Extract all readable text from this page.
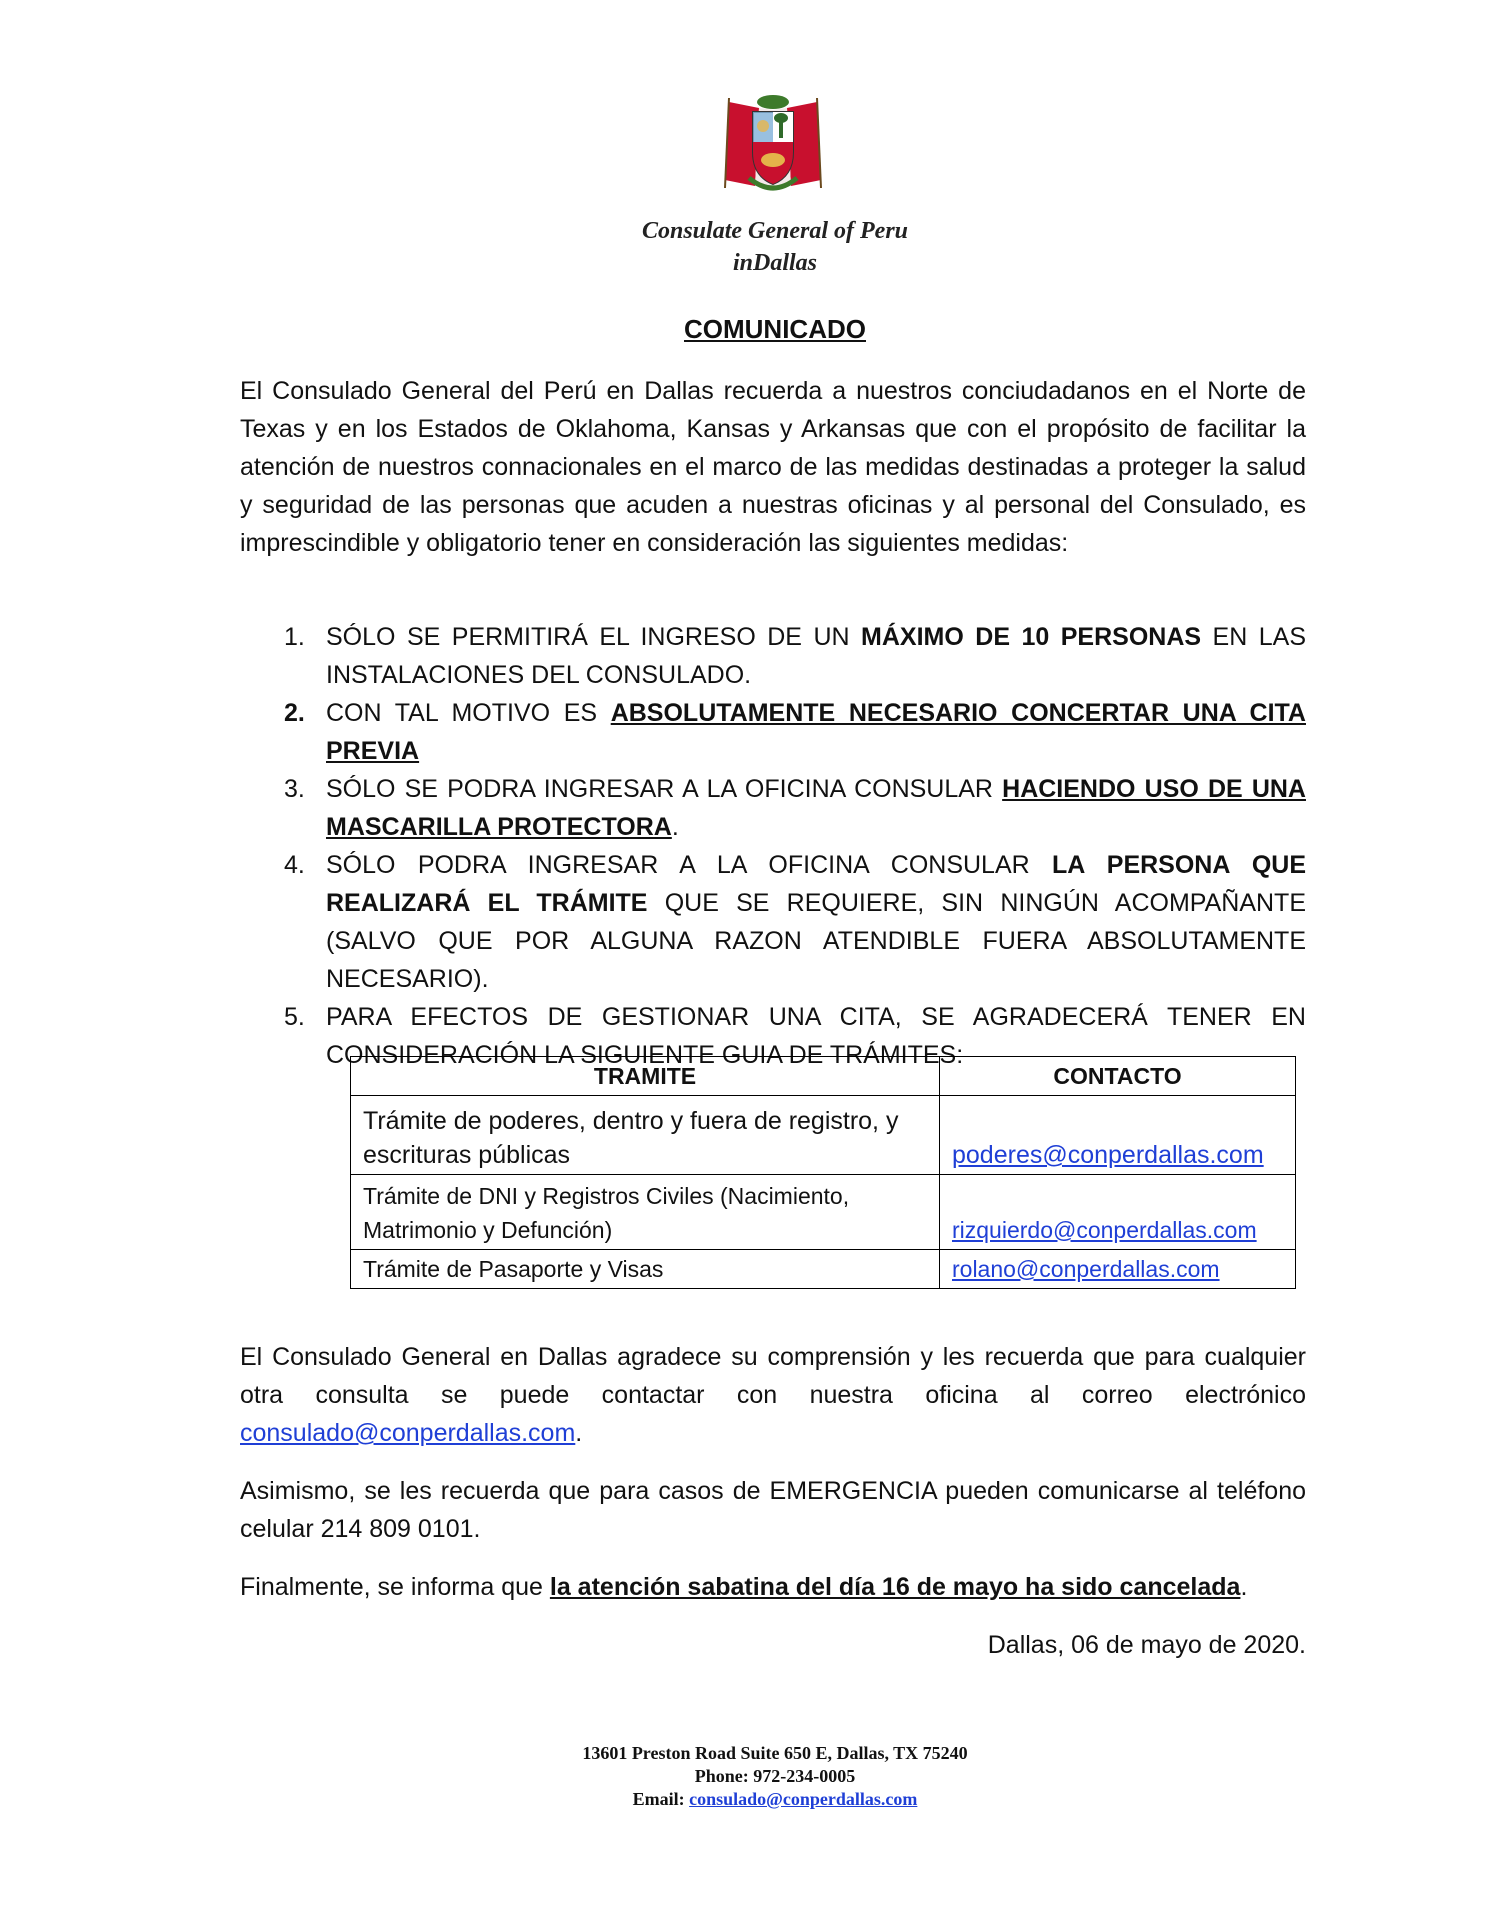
Consulate General of Peru
inDallas
COMUNICADO
El Consulado General del Perú en Dallas recuerda a nuestros conciudadanos en el Norte de Texas y en los Estados de Oklahoma, Kansas y Arkansas que con el propósito de facilitar la atención de nuestros connacionales en el marco de las medidas destinadas a proteger la salud y seguridad de las personas que acuden a nuestras oficinas y al personal del Consulado, es imprescindible y obligatorio tener en consideración las siguientes medidas:
1. SÓLO SE PERMITIRÁ EL INGRESO DE UN MÁXIMO DE 10 PERSONAS EN LAS INSTALACIONES DEL CONSULADO.
2. CON TAL MOTIVO ES ABSOLUTAMENTE NECESARIO CONCERTAR UNA CITA PREVIA
3. SÓLO SE PODRA INGRESAR A LA OFICINA CONSULAR HACIENDO USO DE UNA MASCARILLA PROTECTORA.
4. SÓLO PODRA INGRESAR A LA OFICINA CONSULAR LA PERSONA QUE REALIZARÁ EL TRÁMITE QUE SE REQUIERE, SIN NINGÚN ACOMPAÑANTE (SALVO QUE POR ALGUNA RAZON ATENDIBLE FUERA ABSOLUTAMENTE NECESARIO).
5. PARA EFECTOS DE GESTIONAR UNA CITA, SE AGRADECERÁ TENER EN CONSIDERACIÓN LA SIGUIENTE GUIA DE TRÁMITES:
TRAMITE	CONTACTO
Trámite de poderes, dentro y fuera de registro, y escrituras públicas	poderes@conperdallas.com
Trámite de DNI y Registros Civiles (Nacimiento, Matrimonio y Defunción)	rizquierdo@conperdallas.com
Trámite de Pasaporte y Visas	rolano@conperdallas.com
El Consulado General en Dallas agradece su comprensión y les recuerda que para cualquier otra consulta se puede contactar con nuestra oficina al correo electrónico consulado@conperdallas.com.
Asimismo, se les recuerda que para casos de EMERGENCIA pueden comunicarse al teléfono celular 214 809 0101.
Finalmente, se informa que la atención sabatina del día 16 de mayo ha sido cancelada.
Dallas, 06 de mayo de 2020.
13601 Preston Road Suite 650 E, Dallas, TX 75240
Phone: 972-234-0005
Email: consulado@conperdallas.com
